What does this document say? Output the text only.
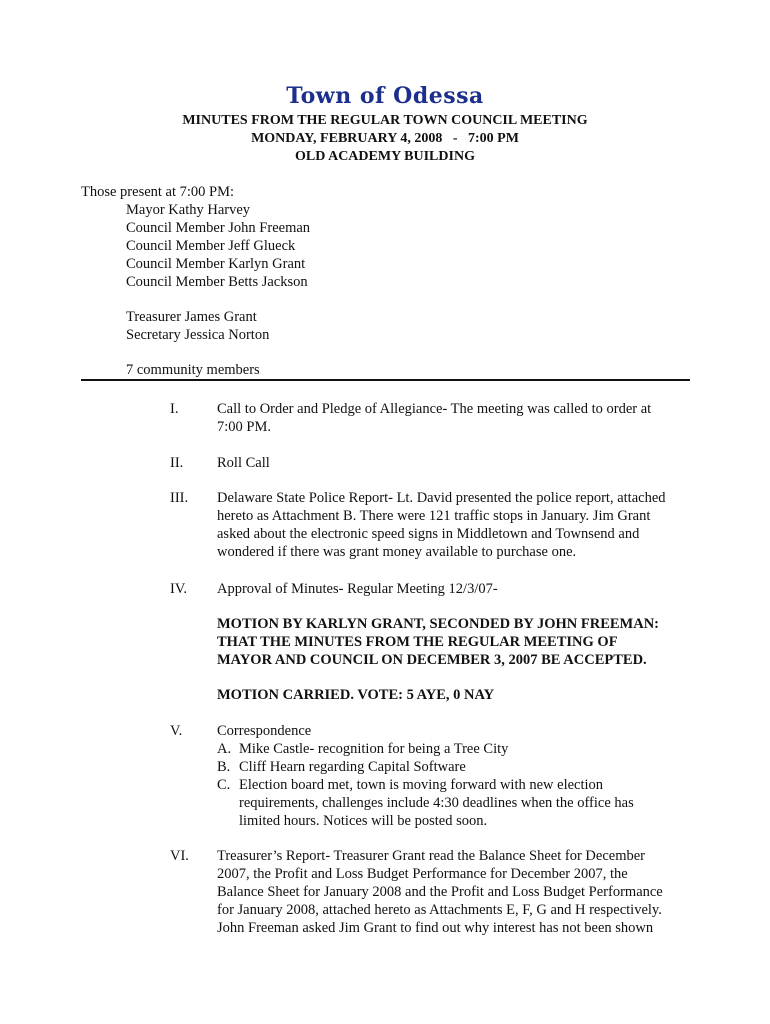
Town of Odessa
MINUTES FROM THE REGULAR TOWN COUNCIL MEETING
MONDAY, FEBRUARY 4, 2008   -   7:00 PM
OLD ACADEMY BUILDING
Those present at 7:00 PM:
Mayor Kathy Harvey
Council Member John Freeman
Council Member Jeff Glueck
Council Member Karlyn Grant
Council Member Betts Jackson
Treasurer James Grant
Secretary Jessica Norton
7 community members
I.	Call to Order and Pledge of Allegiance- The meeting was called to order at
7:00 PM.
II.	Roll Call
III.	Delaware State Police Report- Lt. David presented the police report, attached
hereto as Attachment B. There were 121 traffic stops in January. Jim Grant
asked about the electronic speed signs in Middletown and Townsend and
wondered if there was grant money available to purchase one.
IV.	Approval of Minutes- Regular Meeting 12/3/07-
MOTION BY KARLYN GRANT, SECONDED BY JOHN FREEMAN:
THAT THE MINUTES FROM THE REGULAR MEETING OF
MAYOR AND COUNCIL ON DECEMBER 3, 2007 BE ACCEPTED.
MOTION CARRIED. VOTE: 5 AYE, 0 NAY
V.	Correspondence
A. Mike Castle- recognition for being a Tree City
B. Cliff Hearn regarding Capital Software
C. Election board met, town is moving forward with new election
requirements, challenges include 4:30 deadlines when the office has
limited hours. Notices will be posted soon.
VI.	Treasurer’s Report- Treasurer Grant read the Balance Sheet for December
2007, the Profit and Loss Budget Performance for December 2007, the
Balance Sheet for January 2008 and the Profit and Loss Budget Performance
for January 2008, attached hereto as Attachments E, F, G and H respectively.
John Freeman asked Jim Grant to find out why interest has not been shown
